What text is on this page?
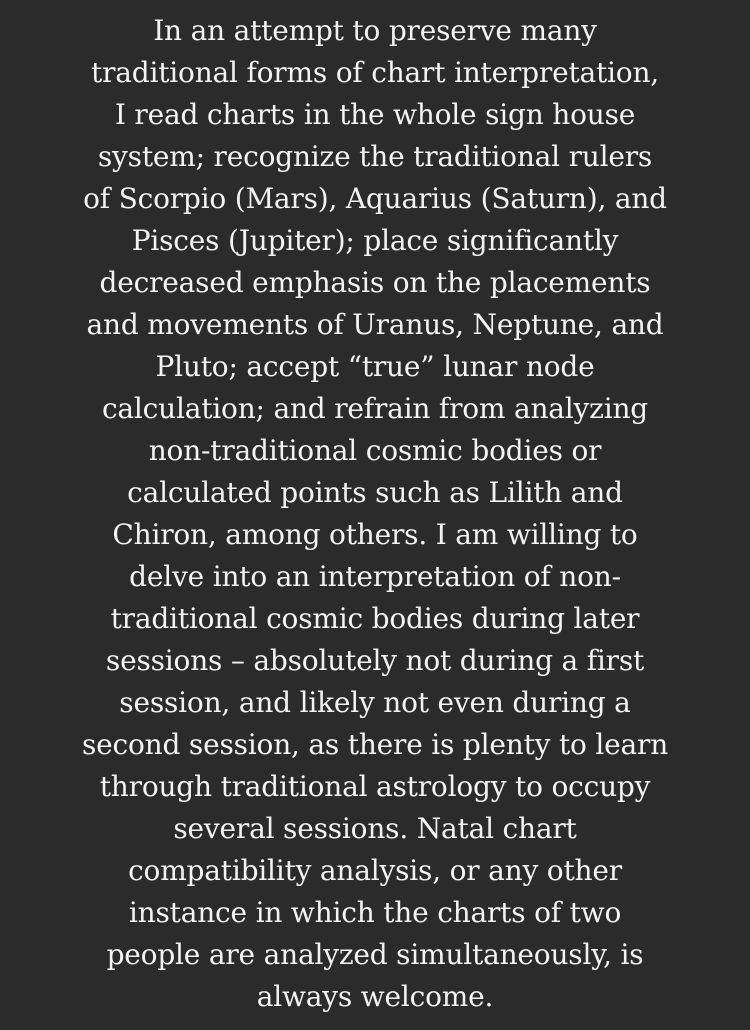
In an attempt to preserve many
traditional forms of chart interpretation,
I read charts in the whole sign house
system; recognize the traditional rulers
of Scorpio (Mars), Aquarius (Saturn), and
Pisces (Jupiter); place significantly
decreased emphasis on the placements
and movements of Uranus, Neptune, and
Pluto; accept “true” lunar node
calculation; and refrain from analyzing
non-traditional cosmic bodies or
calculated points such as Lilith and
Chiron, among others. I am willing to
delve into an interpretation of non-
traditional cosmic bodies during later
sessions – absolutely not during a first
session, and likely not even during a
second session, as there is plenty to learn
through traditional astrology to occupy
several sessions. Natal chart
compatibility analysis, or any other
instance in which the charts of two
people are analyzed simultaneously, is
always welcome.
